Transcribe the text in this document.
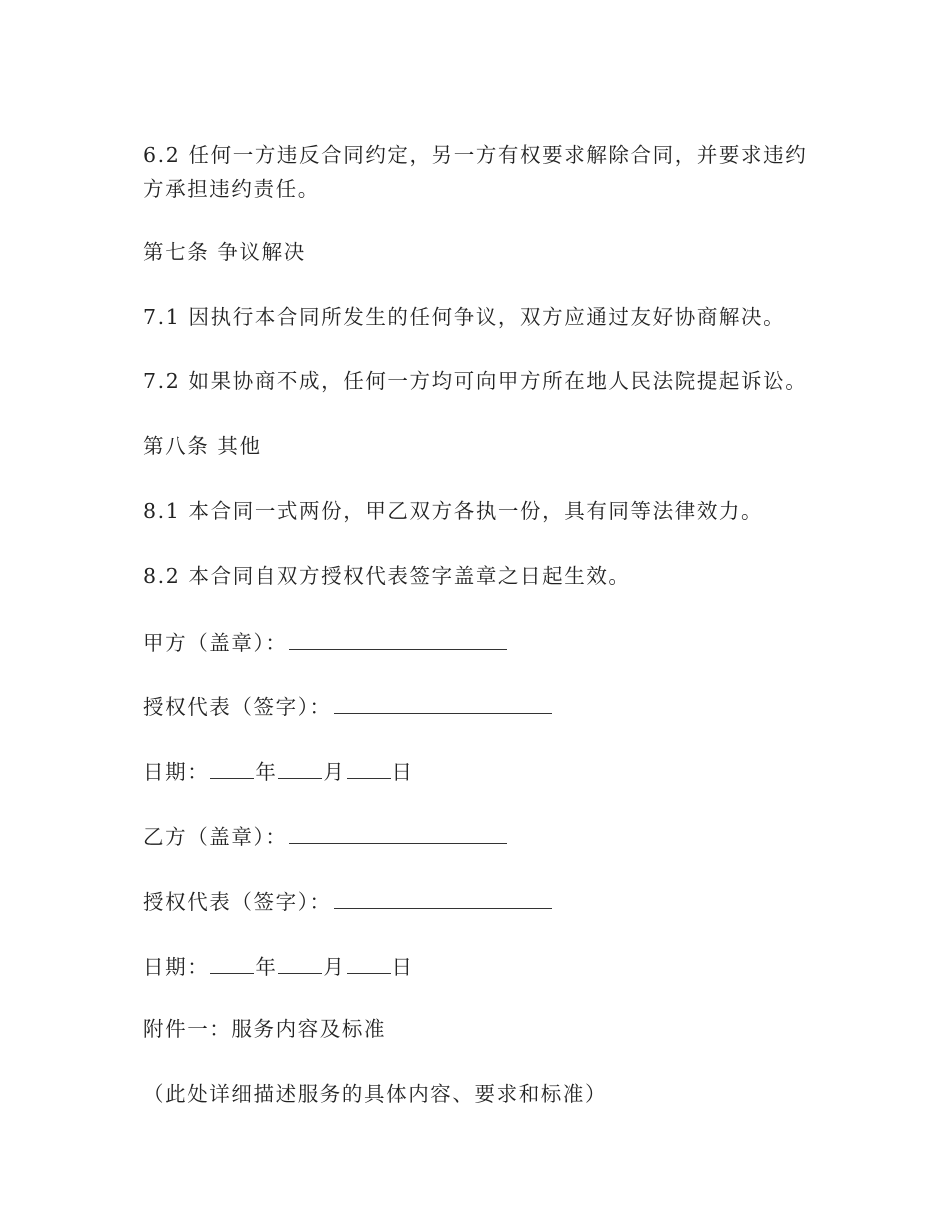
6.2 任何一方违反合同约定，另一方有权要求解除合同，并要求违约
方承担违约责任。
第七条 争议解决
7.1 因执行本合同所发生的任何争议，双方应通过友好协商解决。
7.2 如果协商不成，任何一方均可向甲方所在地人民法院提起诉讼。
第八条 其他
8.1 本合同一式两份，甲乙双方各执一份，具有同等法律效力。
8.2 本合同自双方授权代表签字盖章之日起生效。
甲方（盖章）：
授权代表（签字）：
日期： 年 月 日
乙方（盖章）：
授权代表（签字）：
日期： 年 月 日
附件一：服务内容及标准
（此处详细描述服务的具体内容、要求和标准）
